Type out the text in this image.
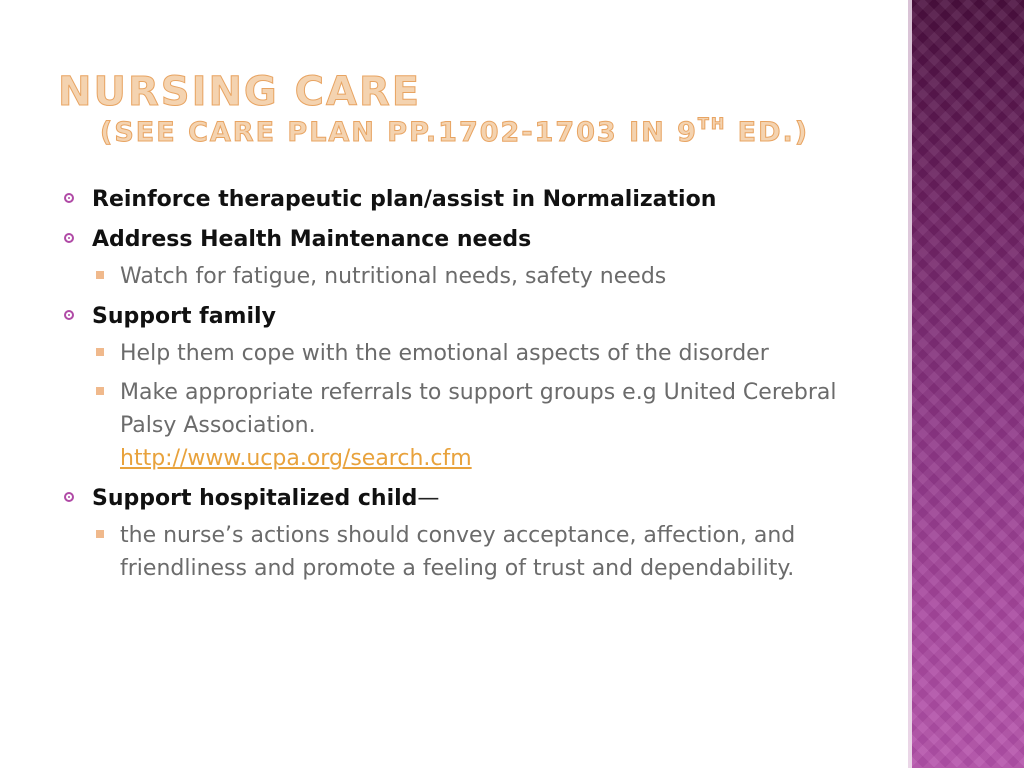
NURSING CARE
(SEE CARE PLAN PP.1702-1703 IN 9TH ED.)
Reinforce therapeutic plan/assist in Normalization
Address Health Maintenance needs
Watch for fatigue, nutritional needs, safety needs
Support family
Help them cope with the emotional aspects of the disorder
Make appropriate referrals to support groups e.g United Cerebral Palsy Association.
http://www.ucpa.org/search.cfm
Support hospitalized child—
the nurse’s actions should convey acceptance, affection, and friendliness and promote a feeling of trust and dependability.
